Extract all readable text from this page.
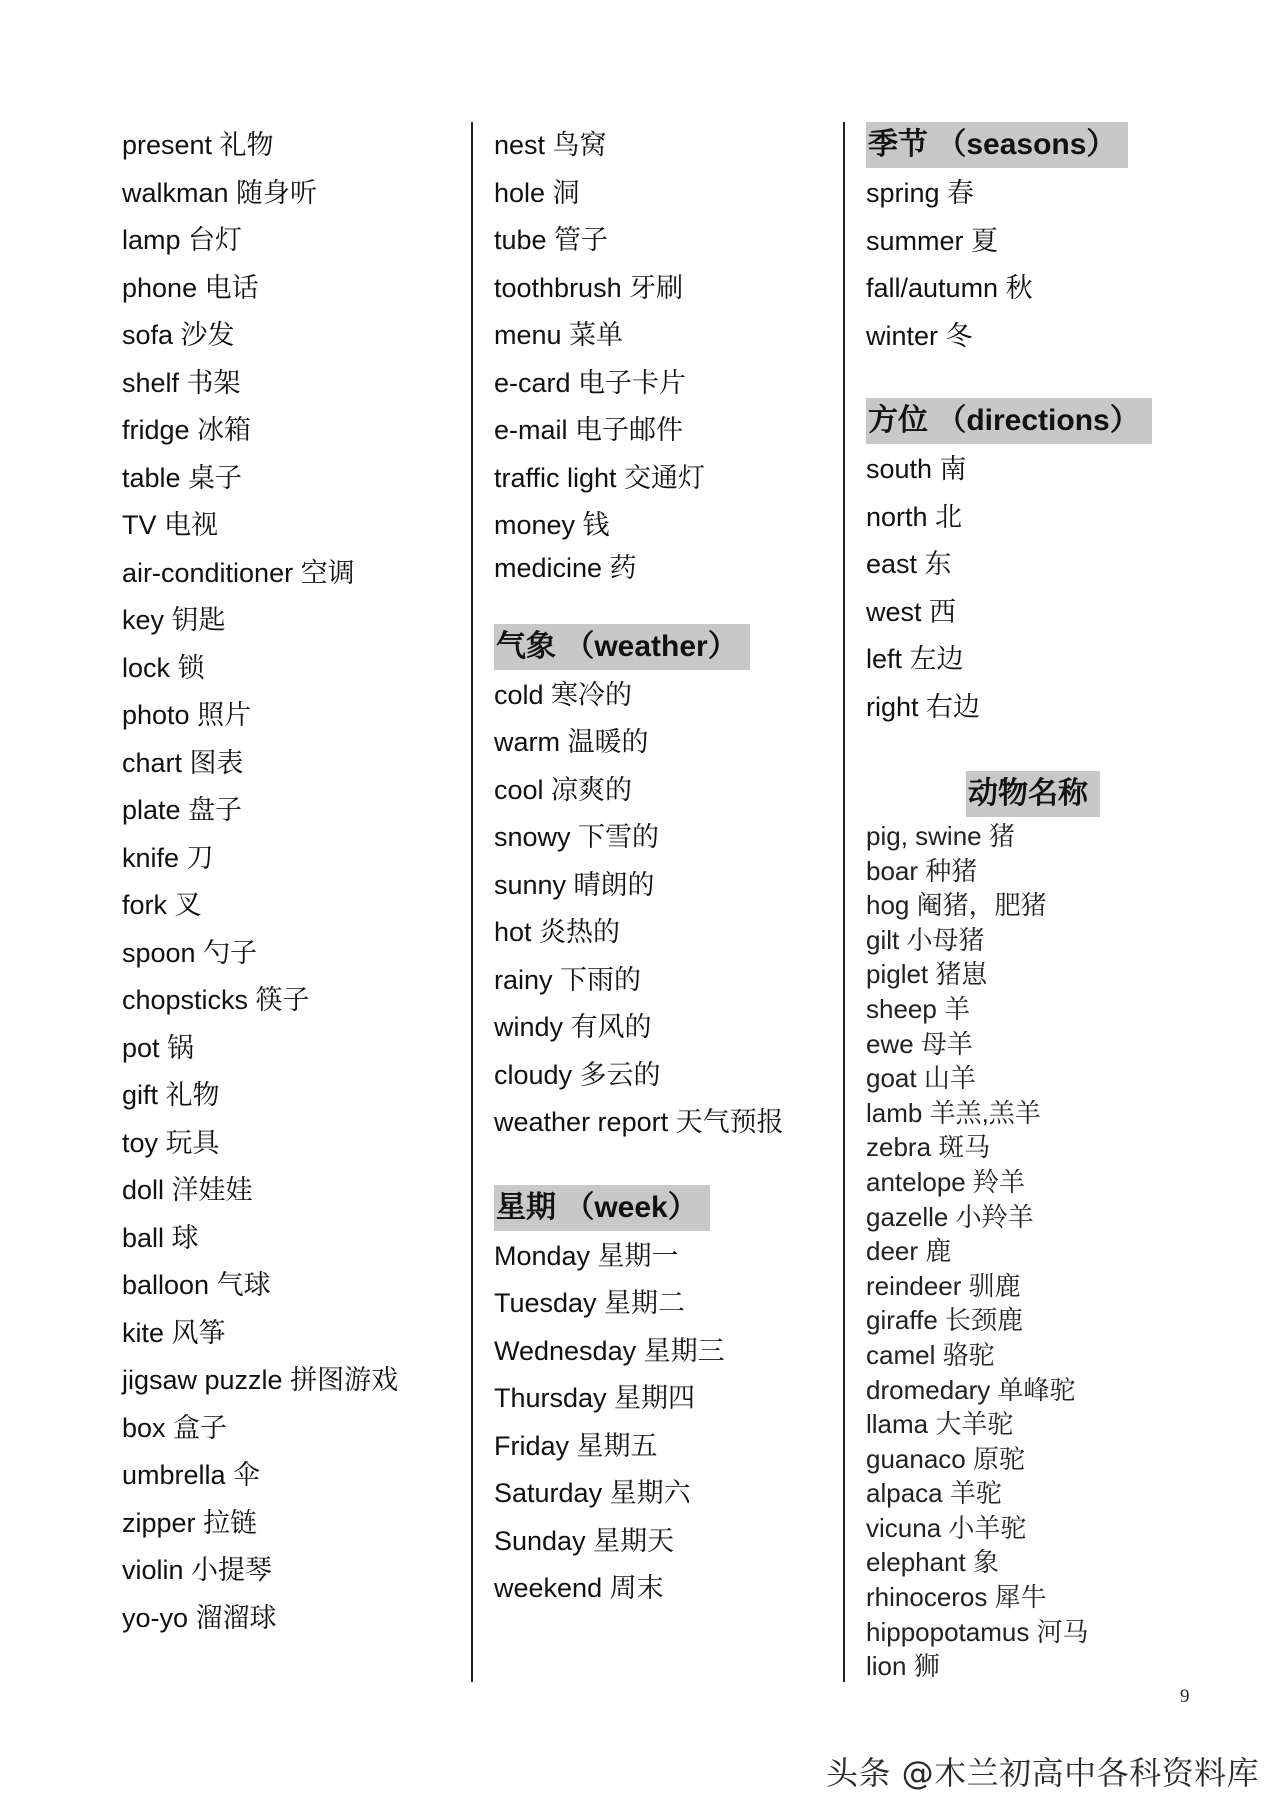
present 礼物
walkman 随身听
lamp 台灯
phone 电话
sofa 沙发
shelf 书架
fridge 冰箱
table 桌子
TV 电视
air-conditioner 空调
key 钥匙
lock 锁
photo 照片
chart 图表
plate 盘子
knife 刀
fork 叉
spoon 勺子
chopsticks 筷子
pot 锅
gift 礼物
toy 玩具
doll 洋娃娃
ball 球
balloon 气球
kite 风筝
jigsaw puzzle 拼图游戏
box 盒子
umbrella 伞
zipper 拉链
violin 小提琴
yo-yo 溜溜球
nest 鸟窝
hole 洞
tube 管子
toothbrush 牙刷
menu 菜单
e-card 电子卡片
e-mail 电子邮件
traffic light 交通灯
money 钱
medicine 药
气象 （weather）
cold 寒冷的
warm 温暖的
cool 凉爽的
snowy 下雪的
sunny 晴朗的
hot 炎热的
rainy 下雨的
windy 有风的
cloudy 多云的
weather report 天气预报
星期 （week）
Monday 星期一
Tuesday 星期二
Wednesday 星期三
Thursday 星期四
Friday 星期五
Saturday 星期六
Sunday 星期天
weekend 周末
季节 （seasons）
spring 春
summer 夏
fall/autumn 秋
winter 冬
方位 （directions）
south 南
north 北
east 东
west 西
left 左边
right 右边
动物名称
pig, swine 猪
boar 种猪
hog 阉猪，肥猪
gilt 小母猪
piglet 猪崽
sheep 羊
ewe 母羊
goat 山羊
lamb 羊羔,羔羊
zebra 斑马
antelope 羚羊
gazelle 小羚羊
deer 鹿
reindeer 驯鹿
giraffe 长颈鹿
camel 骆驼
dromedary 单峰驼
llama 大羊驼
guanaco 原驼
alpaca 羊驼
vicuna 小羊驼
elephant 象
rhinoceros 犀牛
hippopotamus 河马
lion 狮
9
头条 @木兰初高中各科资料库
